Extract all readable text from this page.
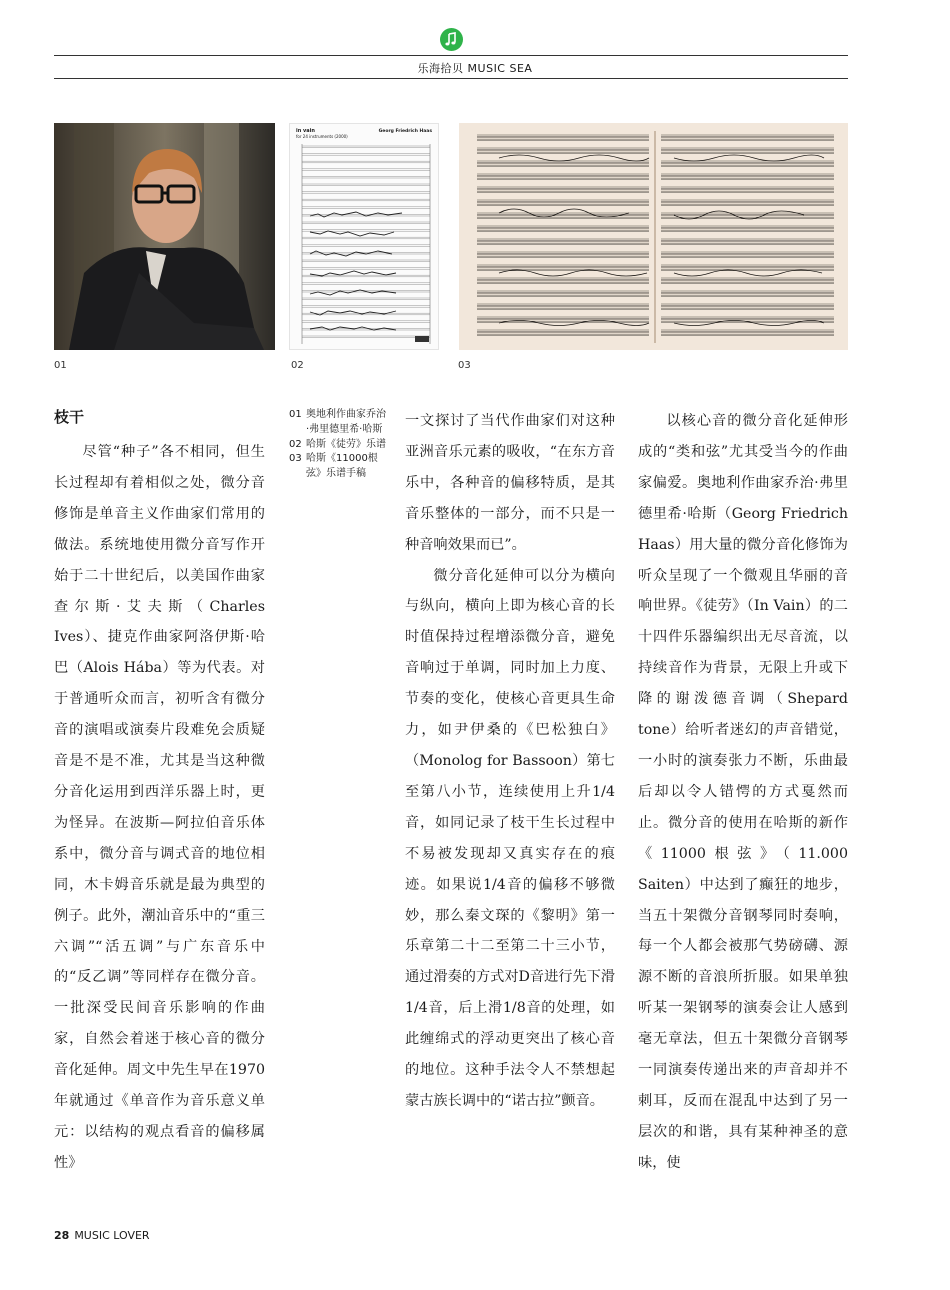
乐海拾贝 MUSIC SEA
01
in vain
for 24 instruments (2000)
Georg Friedrich Haas
02	03
枝干

尽管“种子”各不相同，但生长过程却有着相似之处，微分音修饰是单音主义作曲家们常用的做法。系统地使用微分音写作开始于二十世纪后，以美国作曲家查尔斯·艾夫斯（Charles Ives）、捷克作曲家阿洛伊斯·哈巴（Alois Hába）等为代表。对于普通听众而言，初听含有微分音的演唱或演奏片段难免会质疑音是不是不准，尤其是当这种微分音化运用到西洋乐器上时，更为怪异。在波斯—阿拉伯音乐体系中，微分音与调式音的地位相同，木卡姆音乐就是最为典型的例子。此外，潮汕音乐中的“重三六调”“活五调”与广东音乐中的“反乙调”等同样存在微分音。一批深受民间音乐影响的作曲家，自然会着迷于核心音的微分音化延伸。周文中先生早在1970年就通过《单音作为音乐意义单元：以结构的观点看音的偏移属性》

01 奥地利作曲家乔治·弗里德里希·哈斯
02 哈斯《徒劳》乐谱
03 哈斯《11000根弦》乐谱手稿

一文探讨了当代作曲家们对这种亚洲音乐元素的吸收，“在东方音乐中，各种音的偏移特质，是其音乐整体的一部分，而不只是一种音响效果而已”。

微分音化延伸可以分为横向与纵向，横向上即为核心音的长时值保持过程增添微分音，避免音响过于单调，同时加上力度、节奏的变化，使核心音更具生命力，如尹伊桑的《巴松独白》（Monolog for Bassoon）第七至第八小节，连续使用上升1/4音，如同记录了枝干生长过程中不易被发现却又真实存在的痕迹。如果说1/4音的偏移不够微妙，那么秦文琛的《黎明》第一乐章第二十二至第二十三小节，通过滑奏的方式对D音进行先下滑1/4音，后上滑1/8音的处理，如此缠绵式的浮动更突出了核心音的地位。这种手法令人不禁想起蒙古族长调中的“诺古拉”颤音。

以核心音的微分音化延伸形成的“类和弦”尤其受当今的作曲家偏爱。奥地利作曲家乔治·弗里德里希·哈斯（Georg Friedrich Haas）用大量的微分音化修饰为听众呈现了一个微观且华丽的音响世界。《徒劳》（In Vain）的二十四件乐器编织出无尽音流，以持续音作为背景，无限上升或下降的谢泼德音调（Shepard tone）给听者迷幻的声音错觉，一小时的演奏张力不断，乐曲最后却以令人错愕的方式戛然而止。微分音的使用在哈斯的新作《11000根弦》（11.000 Saiten）中达到了癫狂的地步，当五十架微分音钢琴同时奏响，每一个人都会被那气势磅礴、源源不断的音浪所折服。如果单独听某一架钢琴的演奏会让人感到毫无章法，但五十架微分音钢琴一同演奏传递出来的声音却并不刺耳，反而在混乱中达到了另一层次的和谐，具有某种神圣的意味，使

28 MUSIC LOVER
